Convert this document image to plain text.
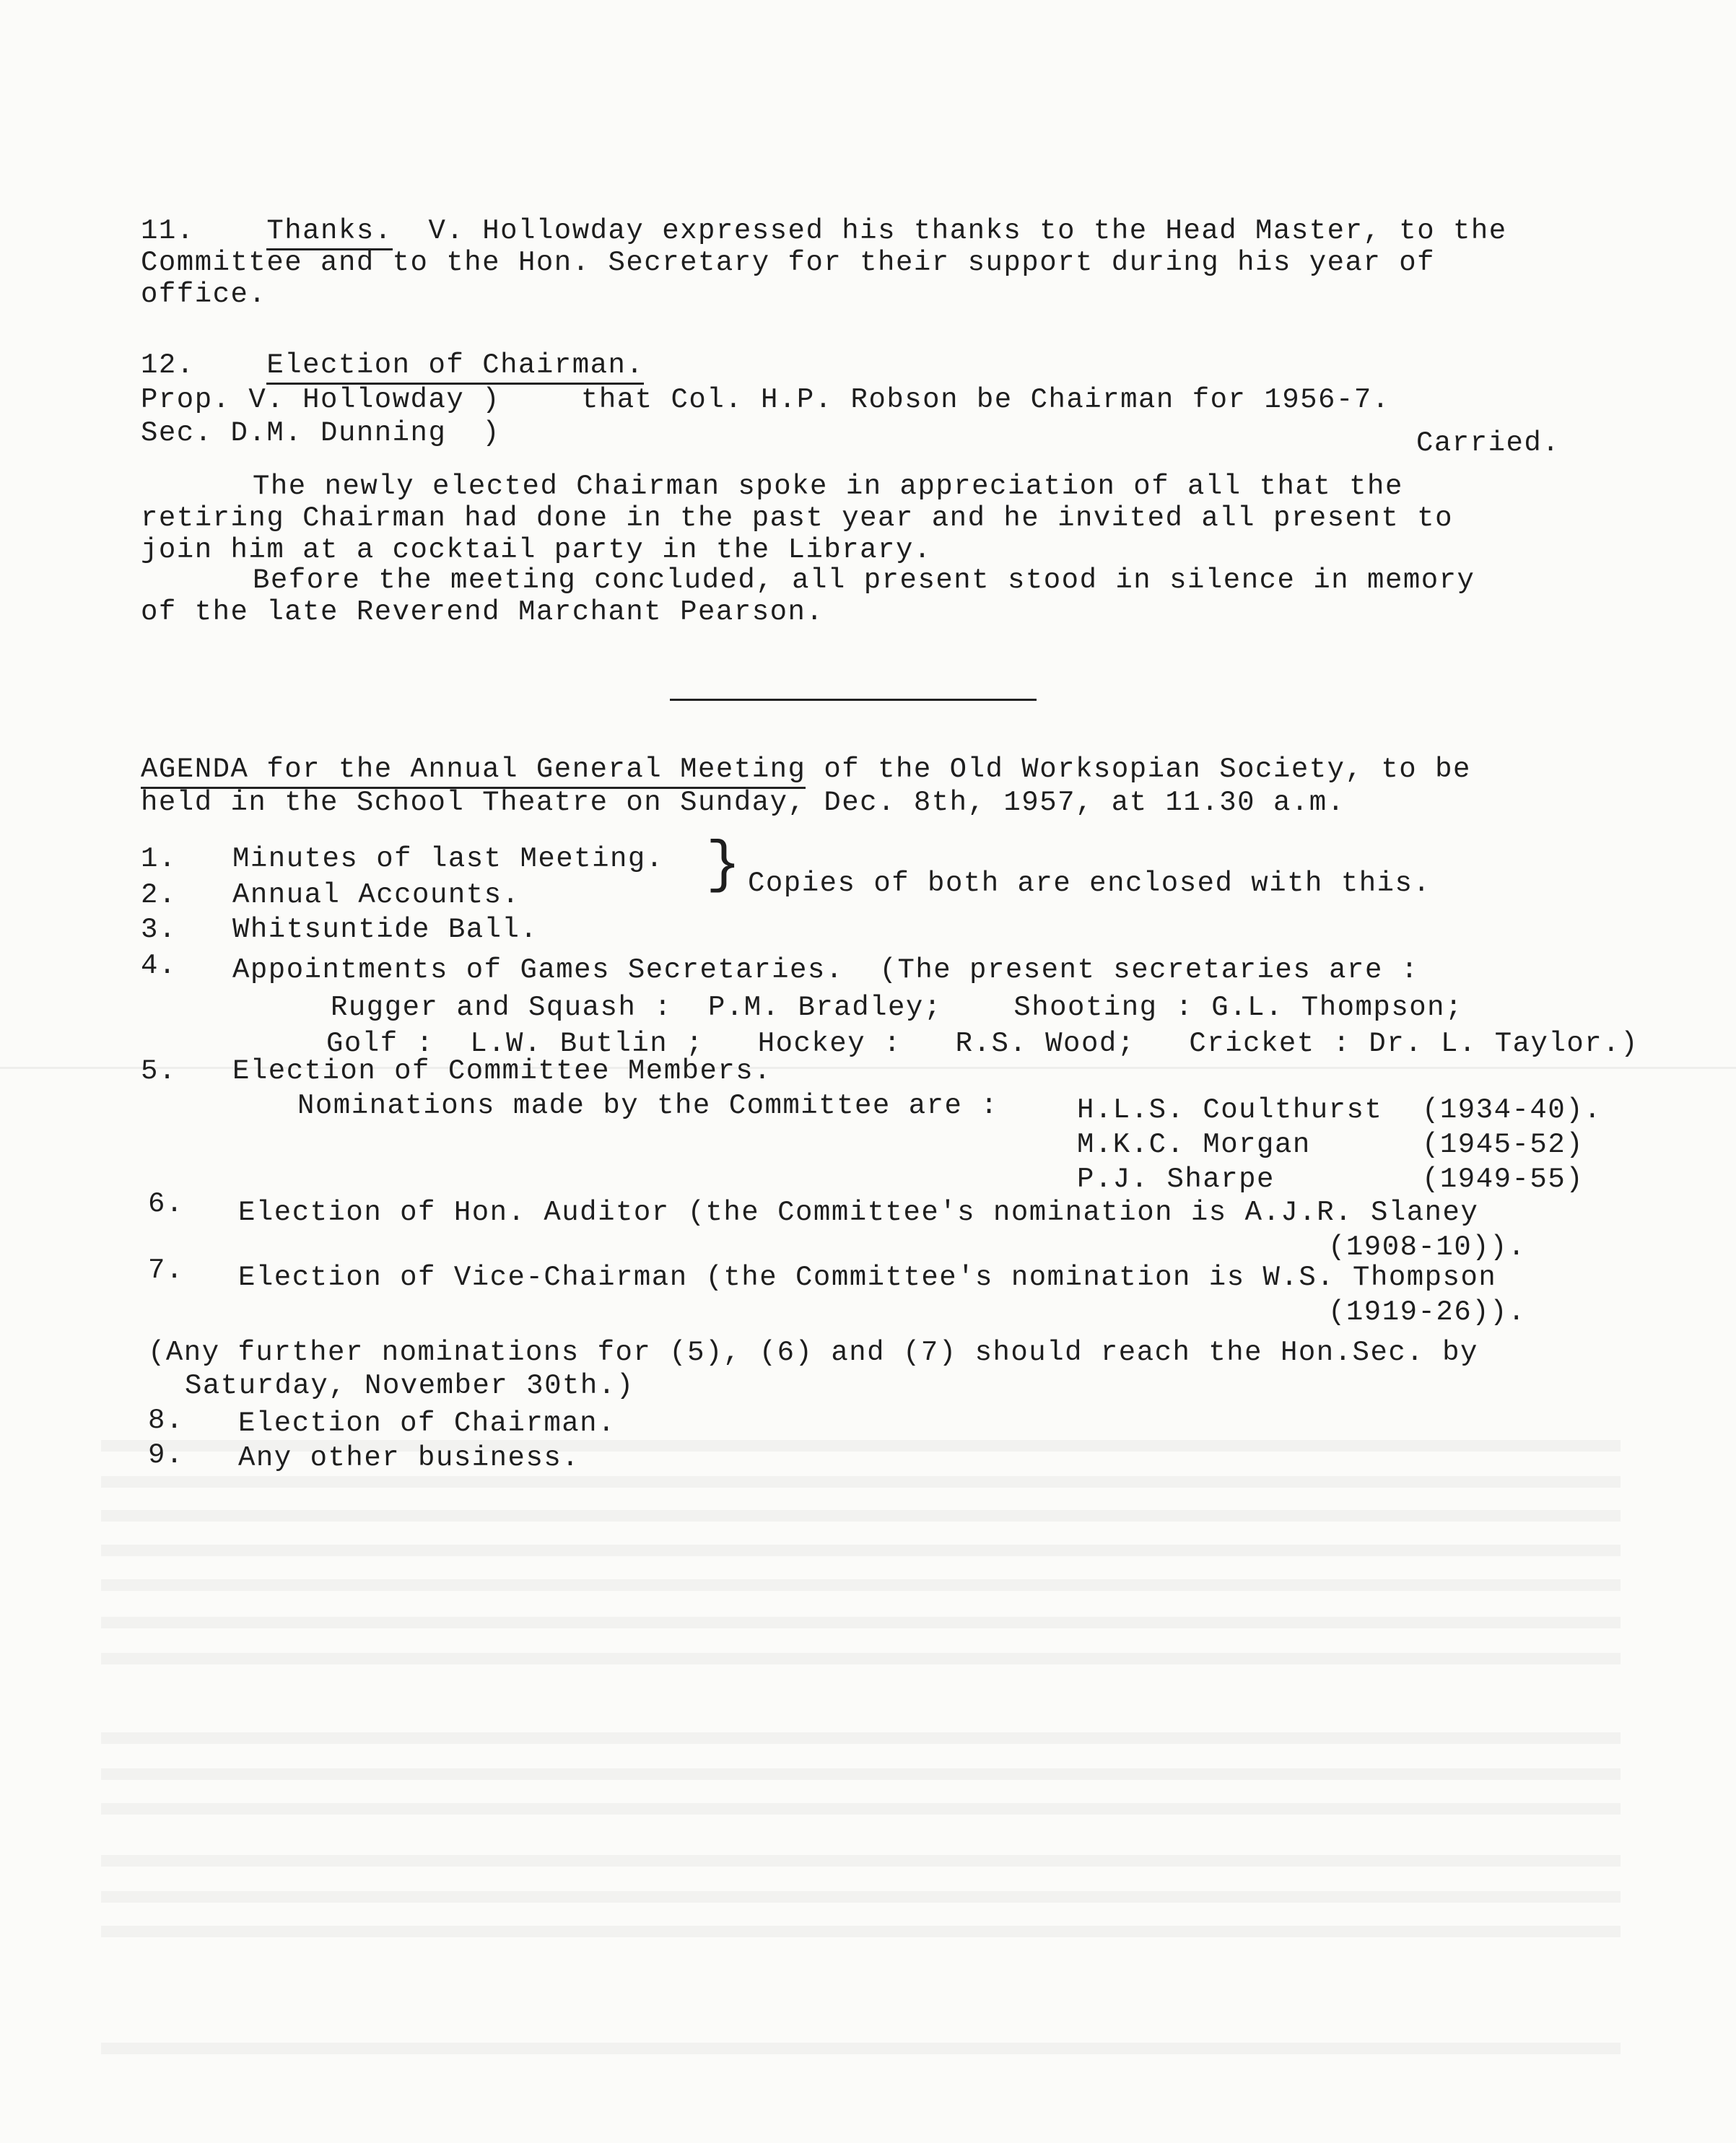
11.	Thanks. V. Hollowday expressed his thanks to the Head Master, to the
Committee and to the Hon. Secretary for their support during his year of
office.
12.	Election of Chairman.
Prop. V. Hollowday )	that Col. H.P. Robson be Chairman for 1956-7.
Sec. D.M. Dunning  )	Carried.
The newly elected Chairman spoke in appreciation of all that the
retiring Chairman had done in the past year and he invited all present to
join him at a cocktail party in the Library.
Before the meeting concluded, all present stood in silence in memory
of the late Reverend Marchant Pearson.
AGENDA for the Annual General Meeting of the Old Worksopian Society, to be
held in the School Theatre on Sunday, Dec. 8th, 1957, at 11.30 a.m.
1. Minutes of last Meeting.
2. Annual Accounts.	} Copies of both are enclosed with this.
3. Whitsuntide Ball.
4. Appointments of Games Secretaries.  (The present secretaries are :
Rugger and Squash :  P.M. Bradley;    Shooting : G.L. Thompson;
Golf :  L.W. Butlin ;   Hockey :   R.S. Wood;   Cricket : Dr. L. Taylor.)
5. Election of Committee Members.
Nominations made by the Committee are :	H.L.S. Coulthurst (1934-40).
M.K.C. Morgan	(1945-52)
P.J. Sharpe	(1949-55)
6. Election of Hon. Auditor (the Committee's nomination is A.J.R. Slaney
(1908-10)).
7. Election of Vice-Chairman (the Committee's nomination is W.S. Thompson
(1919-26)).
(Any further nominations for (5), (6) and (7) should reach the Hon.Sec. by
Saturday, November 30th.)
8. Election of Chairman.
9. Any other business.
